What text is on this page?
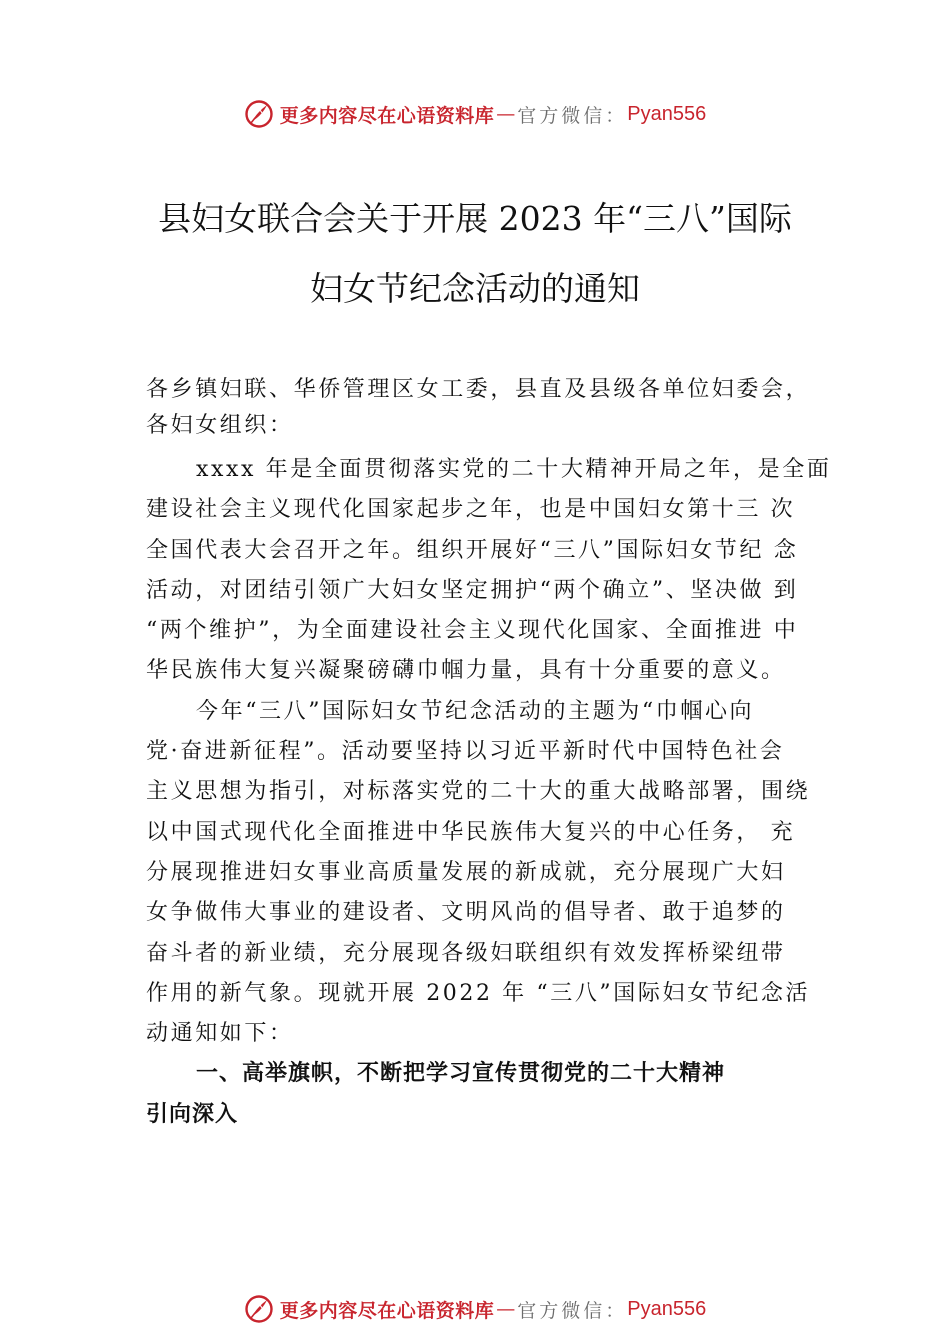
更多内容尽在心语资料库 — 官方微信： Pyan556
县妇女联合会关于开展 2023 年“三八”国际
妇女节纪念活动的通知
各乡镇妇联、华侨管理区女工委，县直及县级各单位妇委会，
各妇女组织：
xxxx 年是全面贯彻落实党的二十大精神开局之年，是全面
建设社会主义现代化国家起步之年，也是中国妇女第十三 次
全国代表大会召开之年。组织开展好“三八”国际妇女节纪 念
活动，对团结引领广大妇女坚定拥护“两个确立”、坚决做 到
“两个维护”，为全面建设社会主义现代化国家、全面推进 中
华民族伟大复兴凝聚磅礴巾帼力量，具有十分重要的意义。
今年“三八”国际妇女节纪念活动的主题为“巾帼心向
党·奋进新征程”。活动要坚持以习近平新时代中国特色社会
主义思想为指引，对标落实党的二十大的重大战略部署，围绕
以中国式现代化全面推进中华民族伟大复兴的中心任务， 充
分展现推进妇女事业高质量发展的新成就，充分展现广大妇
女争做伟大事业的建设者、文明风尚的倡导者、敢于追梦的
奋斗者的新业绩，充分展现各级妇联组织有效发挥桥梁纽带
作用的新气象。现就开展 2022 年 “三八”国际妇女节纪念活
动通知如下：
一、高举旗帜，不断把学习宣传贯彻党的二十大精神
引向深入
更多内容尽在心语资料库 — 官方微信： Pyan556
